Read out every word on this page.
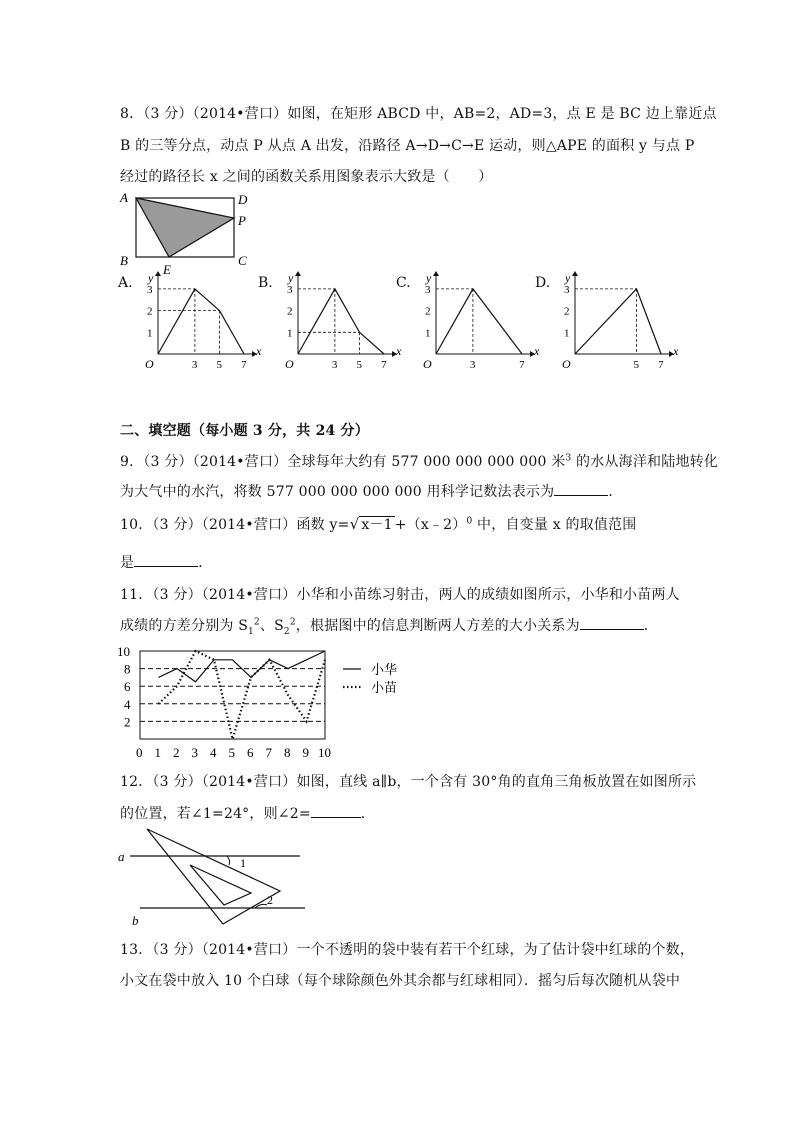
8．（3 分）（2014•营口）如图，在矩形 ABCD 中，AB=2，AD=3，点 E 是 BC 边上靠近点
B 的三等分点，动点 P 从点 A 出发，沿路径 A→D→C→E 运动，则△APE 的面积 y 与点 P
经过的路径长 x 之间的函数关系用图象表示大致是（　　）
A	D
P
B	C
E
A. y
x
O
1
2
3
3 5 7
B. y
x
O
1
2
3
3 5 7
C. y
x
O
1
2
3
3	7
D. y
x
O
1
2
3
5 7
二、填空题（每小题 3 分，共 24 分）
9．（3 分）（2014•营口）全球每年大约有 577 000 000 000 000 米$^3$ 的水从海洋和陆地转化
为大气中的水汽，将数 577 000 000 000 000 用科学记数法表示为	．
10．（3 分）（2014•营口）函数 y=√ x－1 +（x﹣2）$^0$ 中，自变量 x 的取值范围
是	．
11．（3 分）（2014•营口）小华和小苗练习射击，两人的成绩如图所示，小华和小苗两人
成绩的方差分别为 $S_1^2$、$S_2^2$，根据图中的信息判断两人方差的大小关系为	．
2
4
6
8
10
0 1 2 3 4 5 6 7 8 9 10
小华
小苗
12．（3 分）（2014•营口）如图，直线 a∥b，一个含有 30°角的直角三角板放置在如图所示
的位置，若∠1=24°，则∠2=	．
a
b
1
2
13．（3 分）（2014•营口）一个不透明的袋中装有若干个红球，为了估计袋中红球的个数，
小文在袋中放入 10 个白球（每个球除颜色外其余都与红球相同）．摇匀后每次随机从袋中
